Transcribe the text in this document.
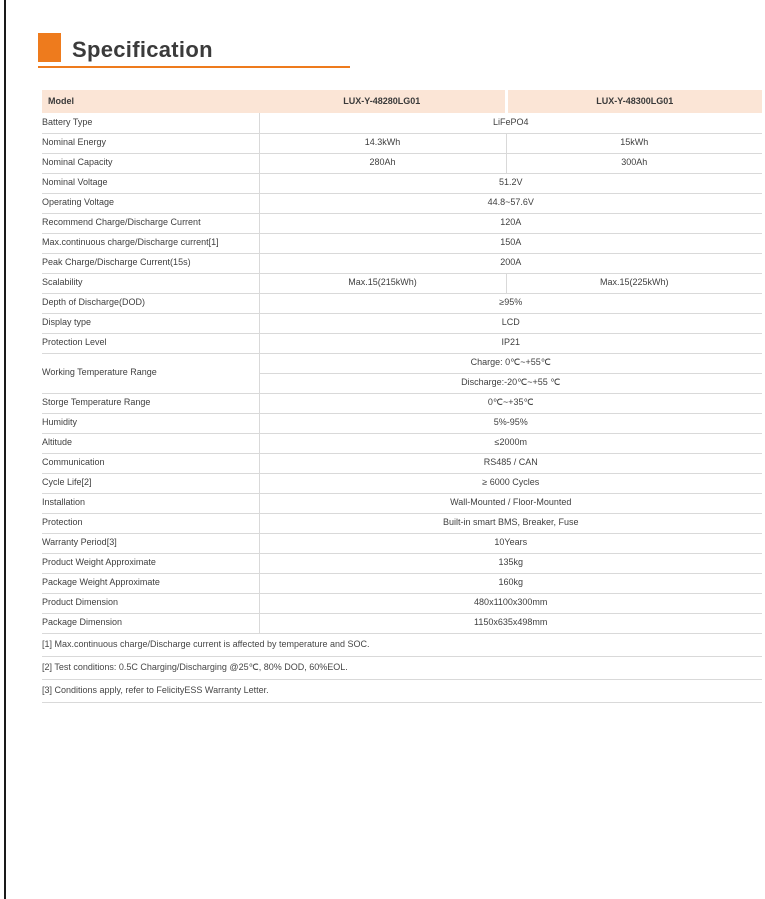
Specification
Model	LUX-Y-48280LG01	LUX-Y-48300LG01
Battery Type	LiFePO4	
Nominal Energy	14.3kWh	15kWh
Nominal Capacity	280Ah	300Ah
Nominal Voltage	51.2V	
Operating Voltage	44.8~57.6V	
Recommend Charge/Discharge Current	120A	
Max.continuous charge/Discharge current[1]	150A	
Peak Charge/Discharge Current(15s)	200A	
Scalability	Max.15(215kWh)	Max.15(225kWh)
Depth of Discharge(DOD)	≥95%	
Display type	LCD	
Protection Level	IP21	
Working Temperature Range	Charge: 0℃~+55℃	
	Discharge:-20℃~+55 ℃	
Storge Temperature Range	0℃~+35℃	
Humidity	5%-95%	
Altitude	≤2000m	
Communication	RS485 / CAN	
Cycle Life[2]	≥ 6000 Cycles	
Installation	Wall-Mounted / Floor-Mounted	
Protection	Built-in smart BMS, Breaker, Fuse	
Warranty Period[3]	10Years	
Product Weight Approximate	135kg	
Package Weight Approximate	160kg	
Product Dimension	480x1100x300mm	
Package Dimension	1150x635x498mm	
[1] Max.continuous charge/Discharge current is affected by temperature and SOC.		
[2] Test conditions: 0.5C Charging/Discharging @25℃, 80% DOD, 60%EOL.		
[3] Conditions apply, refer to FelicityESS Warranty Letter.		
